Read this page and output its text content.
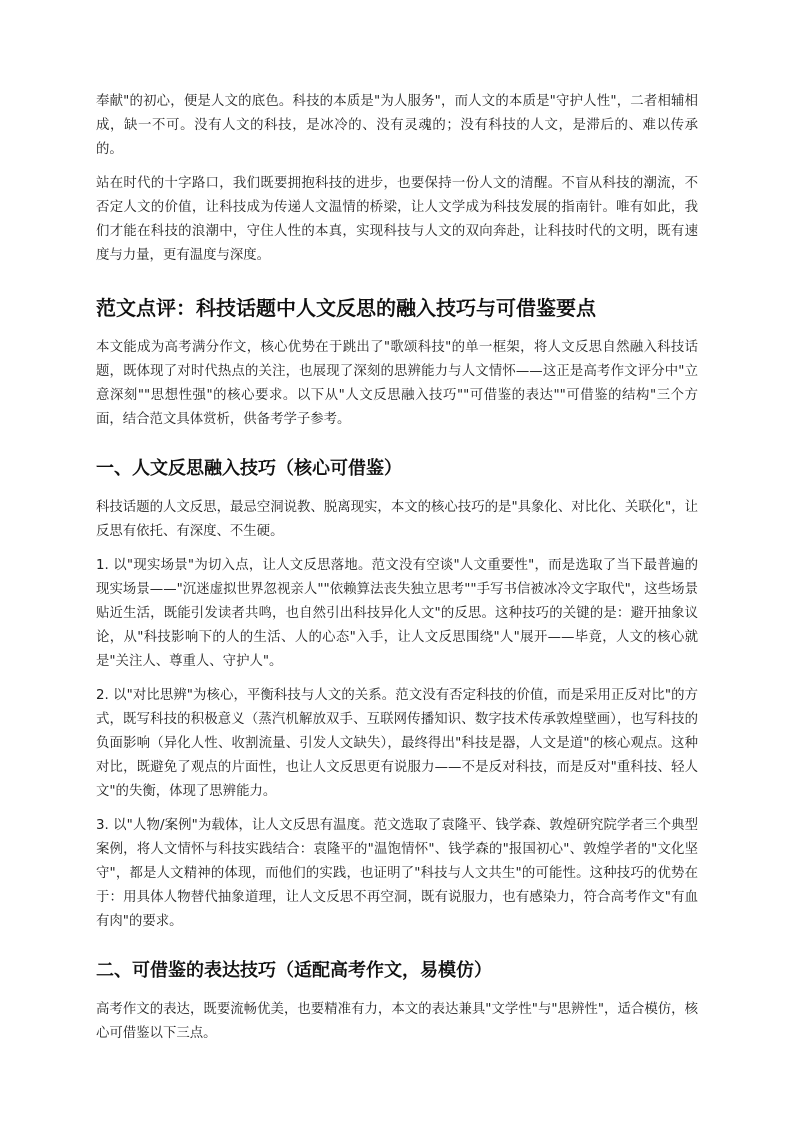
奉献"的初心，便是人文的底色。科技的本质是"为人服务"，而人文的本质是"守护人性"，二者相辅相成，缺一不可。没有人文的科技，是冰冷的、没有灵魂的；没有科技的人文，是滞后的、难以传承的。

站在时代的十字路口，我们既要拥抱科技的进步，也要保持一份人文的清醒。不盲从科技的潮流，不否定人文的价值，让科技成为传递人文温情的桥梁，让人文学成为科技发展的指南针。唯有如此，我们才能在科技的浪潮中，守住人性的本真，实现科技与人文的双向奔赴，让科技时代的文明，既有速度与力量，更有温度与深度。

范文点评：科技话题中人文反思的融入技巧与可借鉴要点

本文能成为高考满分作文，核心优势在于跳出了"歌颂科技"的单一框架，将人文反思自然融入科技话题，既体现了对时代热点的关注，也展现了深刻的思辨能力与人文情怀——这正是高考作文评分中"立意深刻""思想性强"的核心要求。以下从"人文反思融入技巧""可借鉴的表达""可借鉴的结构"三个方面，结合范文具体赏析，供备考学子参考。

一、人文反思融入技巧（核心可借鉴）

科技话题的人文反思，最忌空洞说教、脱离现实，本文的核心技巧的是"具象化、对比化、关联化"，让反思有依托、有深度、不生硬。

1. 以"现实场景"为切入点，让人文反思落地。范文没有空谈"人文重要性"，而是选取了当下最普遍的现实场景——"沉迷虚拟世界忽视亲人""依赖算法丧失独立思考""手写书信被冰冷文字取代"，这些场景贴近生活，既能引发读者共鸣，也自然引出科技异化人文"的反思。这种技巧的关键的是：避开抽象议论，从"科技影响下的人的生活、人的心态"入手，让人文反思围绕"人"展开——毕竟，人文的核心就是"关注人、尊重人、守护人"。

2. 以"对比思辨"为核心，平衡科技与人文的关系。范文没有否定科技的价值，而是采用正反对比"的方式，既写科技的积极意义（蒸汽机解放双手、互联网传播知识、数字技术传承敦煌壁画），也写科技的负面影响（异化人性、收割流量、引发人文缺失），最终得出"科技是器，人文是道"的核心观点。这种对比，既避免了观点的片面性，也让人文反思更有说服力——不是反对科技，而是反对"重科技、轻人文"的失衡，体现了思辨能力。

3. 以"人物/案例"为载体，让人文反思有温度。范文选取了袁隆平、钱学森、敦煌研究院学者三个典型案例，将人文情怀与科技实践结合：袁隆平的"温饱情怀"、钱学森的"报国初心"、敦煌学者的"文化坚守"，都是人文精神的体现，而他们的实践，也证明了"科技与人文共生"的可能性。这种技巧的优势在于：用具体人物替代抽象道理，让人文反思不再空洞，既有说服力，也有感染力，符合高考作文"有血有肉"的要求。

二、可借鉴的表达技巧（适配高考作文，易模仿）

高考作文的表达，既要流畅优美，也要精准有力，本文的表达兼具"文学性"与"思辨性"，适合模仿，核心可借鉴以下三点。
